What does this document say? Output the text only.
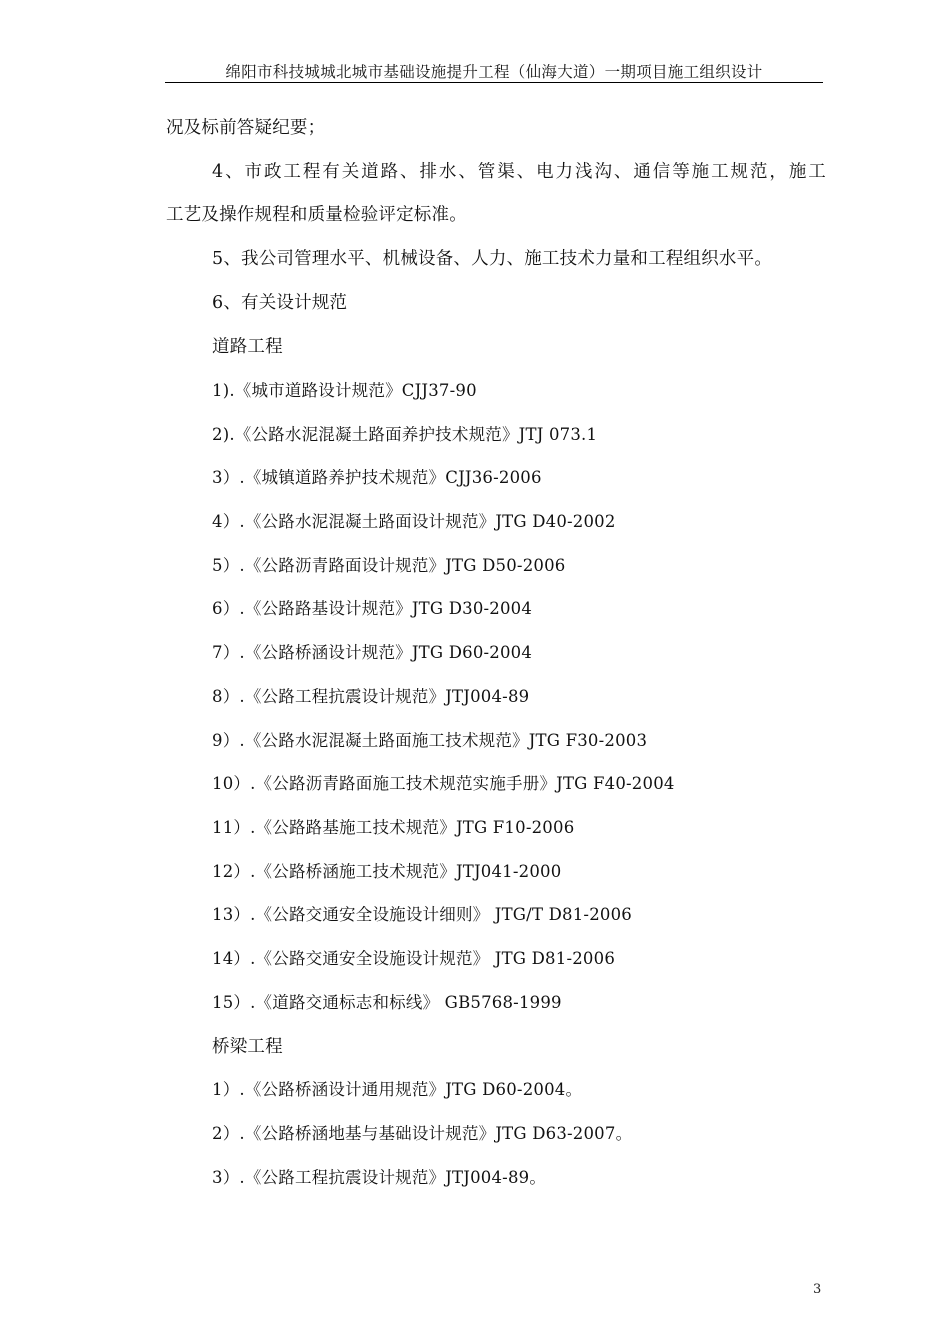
绵阳市科技城城北城市基础设施提升工程（仙海大道）一期项目施工组织设计
况及标前答疑纪要；
4、市政工程有关道路、排水、管渠、电力浅沟、通信等施工规范，施工
工艺及操作规程和质量检验评定标准。
5、我公司管理水平、机械设备、人力、施工技术力量和工程组织水平。
6、有关设计规范
道路工程
1).《城市道路设计规范》CJJ37-90
2).《公路水泥混凝土路面养护技术规范》JTJ 073.1
3）.《城镇道路养护技术规范》CJJ36-2006
4）.《公路水泥混凝土路面设计规范》JTG D40-2002
5）.《公路沥青路面设计规范》JTG D50-2006
6）.《公路路基设计规范》JTG D30-2004
7）.《公路桥涵设计规范》JTG D60-2004
8）.《公路工程抗震设计规范》JTJ004-89
9）.《公路水泥混凝土路面施工技术规范》JTG F30-2003
10）.《公路沥青路面施工技术规范实施手册》JTG F40-2004
11）.《公路路基施工技术规范》JTG F10-2006
12）.《公路桥涵施工技术规范》JTJ041-2000
13）.《公路交通安全设施设计细则》 JTG/T D81-2006
14）.《公路交通安全设施设计规范》 JTG D81-2006
15）.《道路交通标志和标线》 GB5768-1999
桥梁工程
1）.《公路桥涵设计通用规范》JTG D60-2004。
2）.《公路桥涵地基与基础设计规范》JTG D63-2007。
3）.《公路工程抗震设计规范》JTJ004-89。
3
